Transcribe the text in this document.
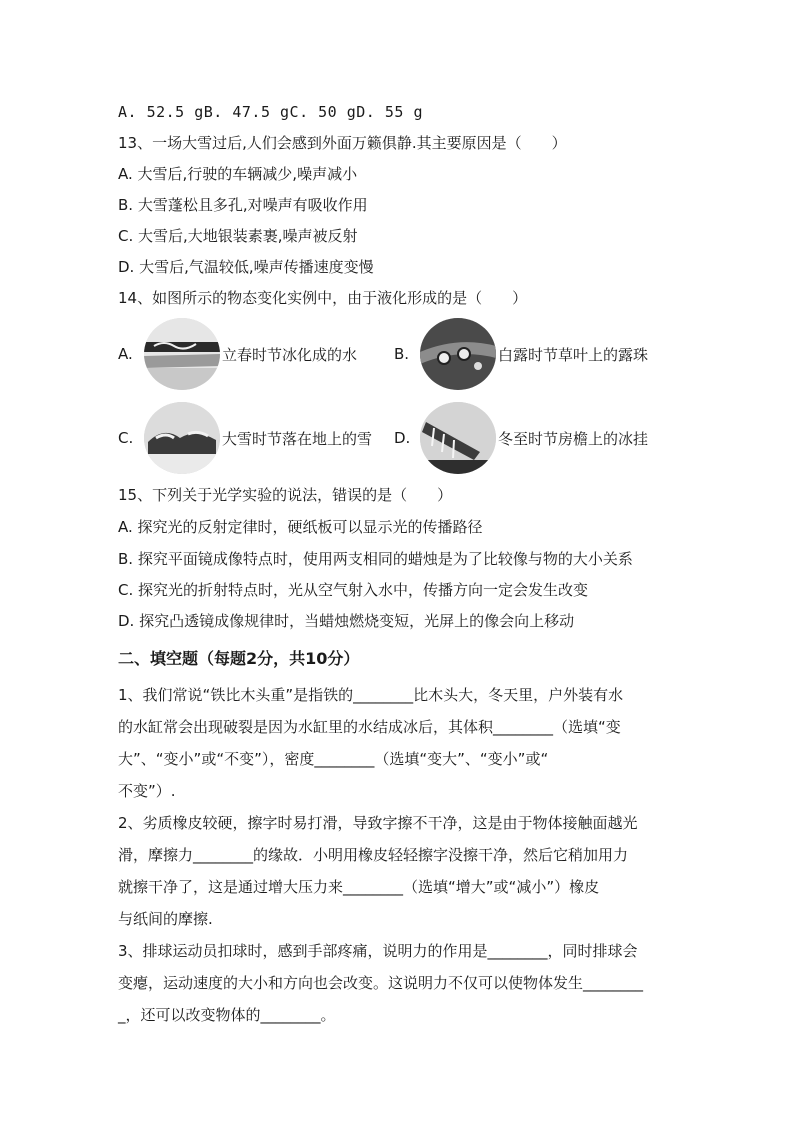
A. 52.5 gB. 47.5 gC. 50 gD. 55 g
13、一场大雪过后,人们会感到外面万籁俱静.其主要原因是（　　）
A. 大雪后,行驶的车辆减少,噪声减小
B. 大雪蓬松且多孔,对噪声有吸收作用
C. 大雪后,大地银装素裹,噪声被反射
D. 大雪后,气温较低,噪声传播速度变慢
14、如图所示的物态变化实例中，由于液化形成的是（　　）
A.	立春时节冰化成的水 B.	白露时节草叶上的露珠
C.	大雪时节落在地上的雪 D.	冬至时节房檐上的冰挂
15、下列关于光学实验的说法，错误的是（　　）
A. 探究光的反射定律时，硬纸板可以显示光的传播路径
B. 探究平面镜成像特点时，使用两支相同的蜡烛是为了比较像与物的大小关系
C. 探究光的折射特点时，光从空气射入水中，传播方向一定会发生改变
D. 探究凸透镜成像规律时，当蜡烛燃烧变短，光屏上的像会向上移动
二、填空题（每题2分，共10分）
1、我们常说“铁比木头重”是指铁的________比木头大，冬天里，户外装有水
的水缸常会出现破裂是因为水缸里的水结成冰后，其体积________（选填“变
大”、“变小”或“不变”），密度________（选填“变大”、“变小”或“
不变”）.
2、劣质橡皮较硬，擦字时易打滑，导致字擦不干净，这是由于物体接触面越光
滑，摩擦力________的缘故．小明用橡皮轻轻擦字没擦干净，然后它稍加用力
就擦干净了，这是通过增大压力来________（选填“增大”或“减小”）橡皮
与纸间的摩擦.
3、排球运动员扣球时，感到手部疼痛，说明力的作用是________，同时排球会
变瘪，运动速度的大小和方向也会改变。这说明力不仅可以使物体发生________
_，还可以改变物体的________。
